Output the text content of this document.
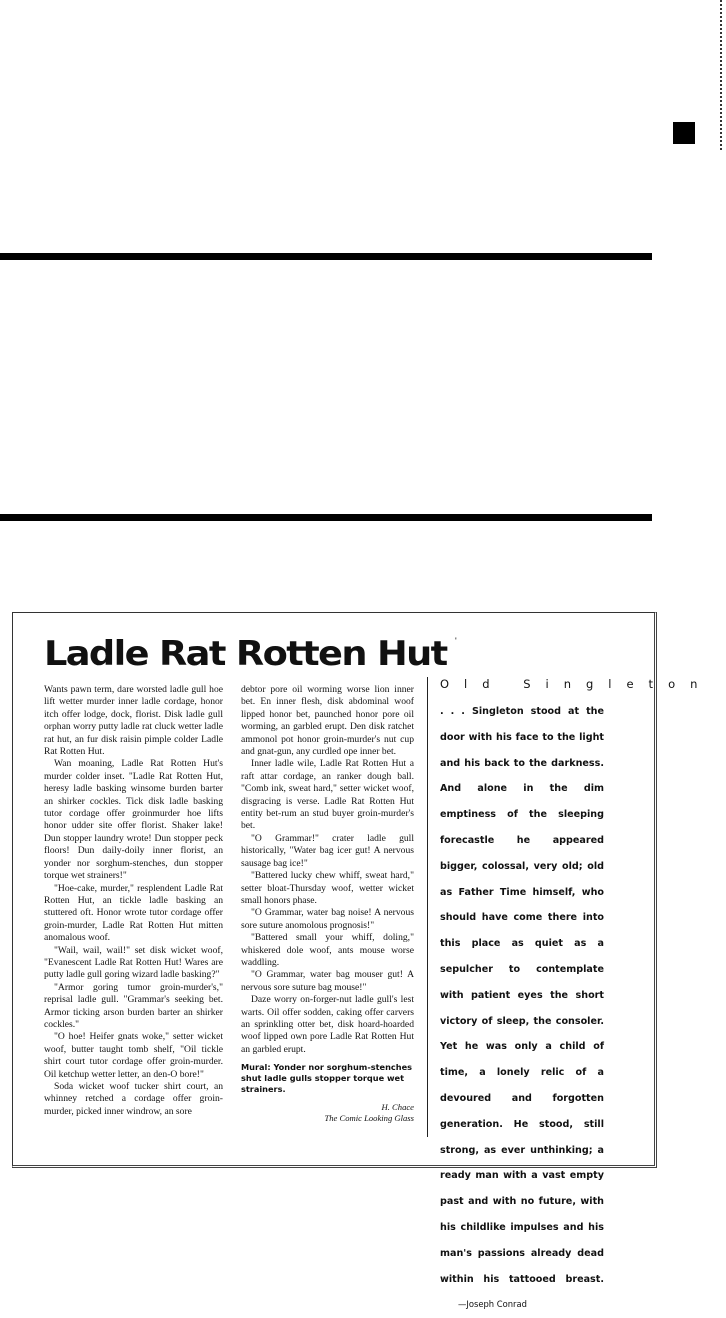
'
Ladle Rat Rotten Hut

Wants pawn term, dare worsted ladle gull hoe lift wetter murder inner ladle cordage, honor itch offer lodge, dock, florist. Disk ladle gull orphan worry putty ladle rat cluck wetter ladle rat hut, an fur disk raisin pimple colder Ladle Rat Rotten Hut.

Wan moaning, Ladle Rat Rotten Hut's murder colder inset. "Ladle Rat Rotten Hut, heresy ladle basking winsome burden barter an shirker cockles. Tick disk ladle basking tutor cordage offer groinmurder hoe lifts honor udder site offer florist. Shaker lake! Dun stopper laundry wrote! Dun stopper peck floors! Dun daily-doily inner florist, an yonder nor sorghum-stenches, dun stopper torque wet strainers!"

"Hoe-cake, murder," resplendent Ladle Rat Rotten Hut, an tickle ladle basking an stuttered oft. Honor wrote tutor cordage offer groin-murder, Ladle Rat Rotten Hut mitten anomalous woof.

"Wail, wail, wail!" set disk wicket woof, "Evanescent Ladle Rat Rotten Hut! Wares are putty ladle gull goring wizard ladle basking?"

"Armor goring tumor groin-murder's," reprisal ladle gull. "Grammar's seeking bet. Armor ticking arson burden barter an shirker cockles."

"O hoe! Heifer gnats woke," setter wicket woof, butter taught tomb shelf, "Oil tickle shirt court tutor cordage offer groin-murder. Oil ketchup wetter letter, an den-O bore!"

Soda wicket woof tucker shirt court, an whinney retched a cordage offer groin-murder, picked inner windrow, an sore

debtor pore oil worming worse lion inner bet. En inner flesh, disk abdominal woof lipped honor bet, paunched honor pore oil worming, an garbled erupt. Den disk ratchet ammonol pot honor groin-murder's nut cup and gnat-gun, any curdled ope inner bet.

Inner ladle wile, Ladle Rat Rotten Hut a raft attar cordage, an ranker dough ball. "Comb ink, sweat hard," setter wicket woof, disgracing is verse. Ladle Rat Rotten Hut entity bet-rum an stud buyer groin-murder's bet.

"O Grammar!" crater ladle gull historically, "Water bag icer gut! A nervous sausage bag ice!"

"Battered lucky chew whiff, sweat hard," setter bloat-Thursday woof, wetter wicket small honors phase.

"O Grammar, water bag noise! A nervous sore suture anomolous prognosis!"

"Battered small your whiff, doling," whiskered dole woof, ants mouse worse waddling.

"O Grammar, water bag mouser gut! A nervous sore suture bag mouse!"

Daze worry on-forger-nut ladle gull's lest warts. Oil offer sodden, caking offer carvers an sprinkling otter bet, disk hoard-hoarded woof lipped own pore Ladle Rat Rotten Hut an garbled erupt.

Mural: Yonder nor sorghum-stenches shut ladle gulls stopper torque wet strainers.
H. Chace
The Comic Looking Glass
Old Singleton

. . . Singleton stood at the door with his face to the light and his back to the darkness. And alone in the dim emptiness of the sleeping forecastle he appeared bigger, colossal, very old; old as Father Time himself, who should have come there into this place as quiet as a sepulcher to contemplate with patient eyes the short victory of sleep, the consoler. Yet he was only a child of time, a lonely relic of a devoured and forgotten generation. He stood, still strong, as ever unthinking; a ready man with a vast empty past and with no future, with his childlike impulses and his man's passions already dead within his tattooed breast.—Joseph Conrad
